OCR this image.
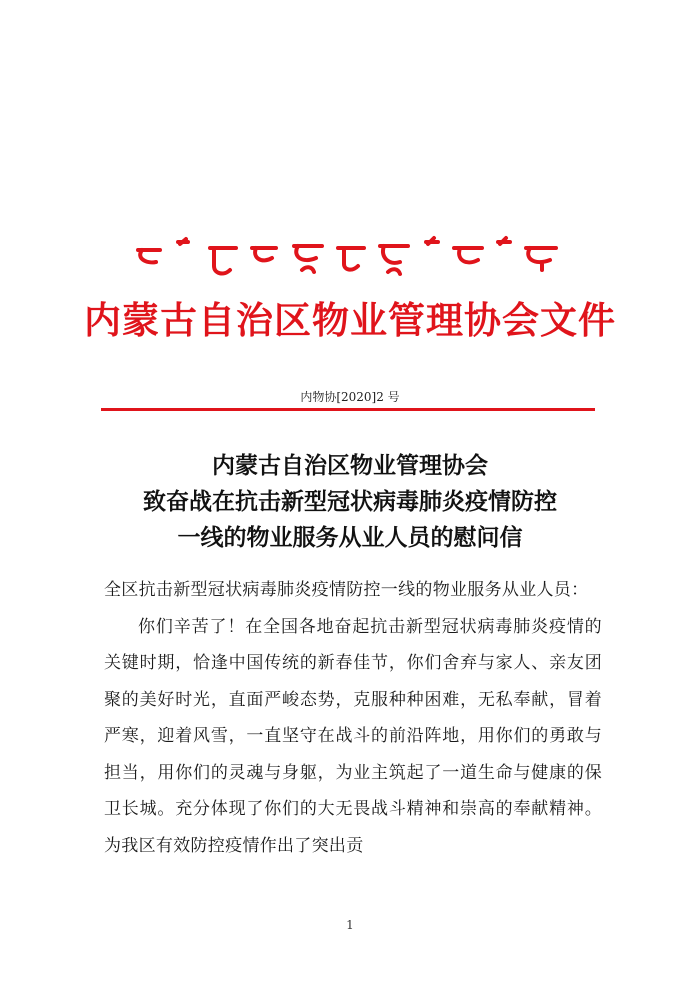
内蒙古自治区物业管理协会文件
内物协[2020]2 号
内蒙古自治区物业管理协会
致奋战在抗击新型冠状病毒肺炎疫情防控
一线的物业服务从业人员的慰问信

全区抗击新型冠状病毒肺炎疫情防控一线的物业服务从业人员：

你们辛苦了！在全国各地奋起抗击新型冠状病毒肺炎疫情的关键时期，恰逢中国传统的新春佳节，你们舍弃与家人、亲友团聚的美好时光，直面严峻态势，克服种种困难，无私奉献，冒着严寒，迎着风雪，一直坚守在战斗的前沿阵地，用你们的勇敢与担当，用你们的灵魂与身躯，为业主筑起了一道生命与健康的保卫长城。充分体现了你们的大无畏战斗精神和崇高的奉献精神。为我区有效防控疫情作出了突出贡

1
